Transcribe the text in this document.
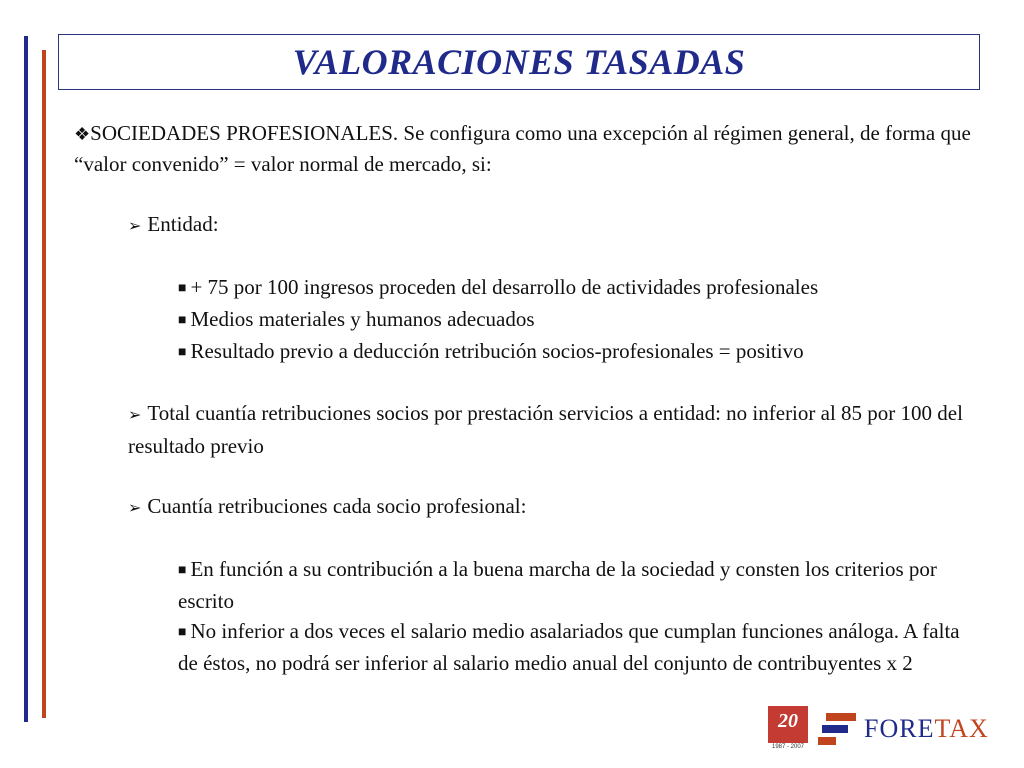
VALORACIONES TASADAS

❖SOCIEDADES PROFESIONALES. Se configura como una excepción al régimen general, de forma que “valor convenido” = valor normal de mercado, si:

➢ Entidad:

■ + 75 por 100 ingresos proceden del desarrollo de actividades profesionales

■ Medios materiales y humanos adecuados

■ Resultado previo a deducción retribución socios-profesionales = positivo

➢ Total cuantía retribuciones socios por prestación servicios a entidad: no inferior al 85 por 100 del resultado previo

➢ Cuantía retribuciones cada socio profesional:

■ En función a su contribución a la buena marcha de la sociedad y consten los criterios por escrito

■ No inferior a dos veces el salario medio asalariados que cumplan funciones análoga. A falta de éstos, no podrá ser inferior al salario medio anual del conjunto de contribuyentes x 2

20
1987 - 2007
FORETAX
